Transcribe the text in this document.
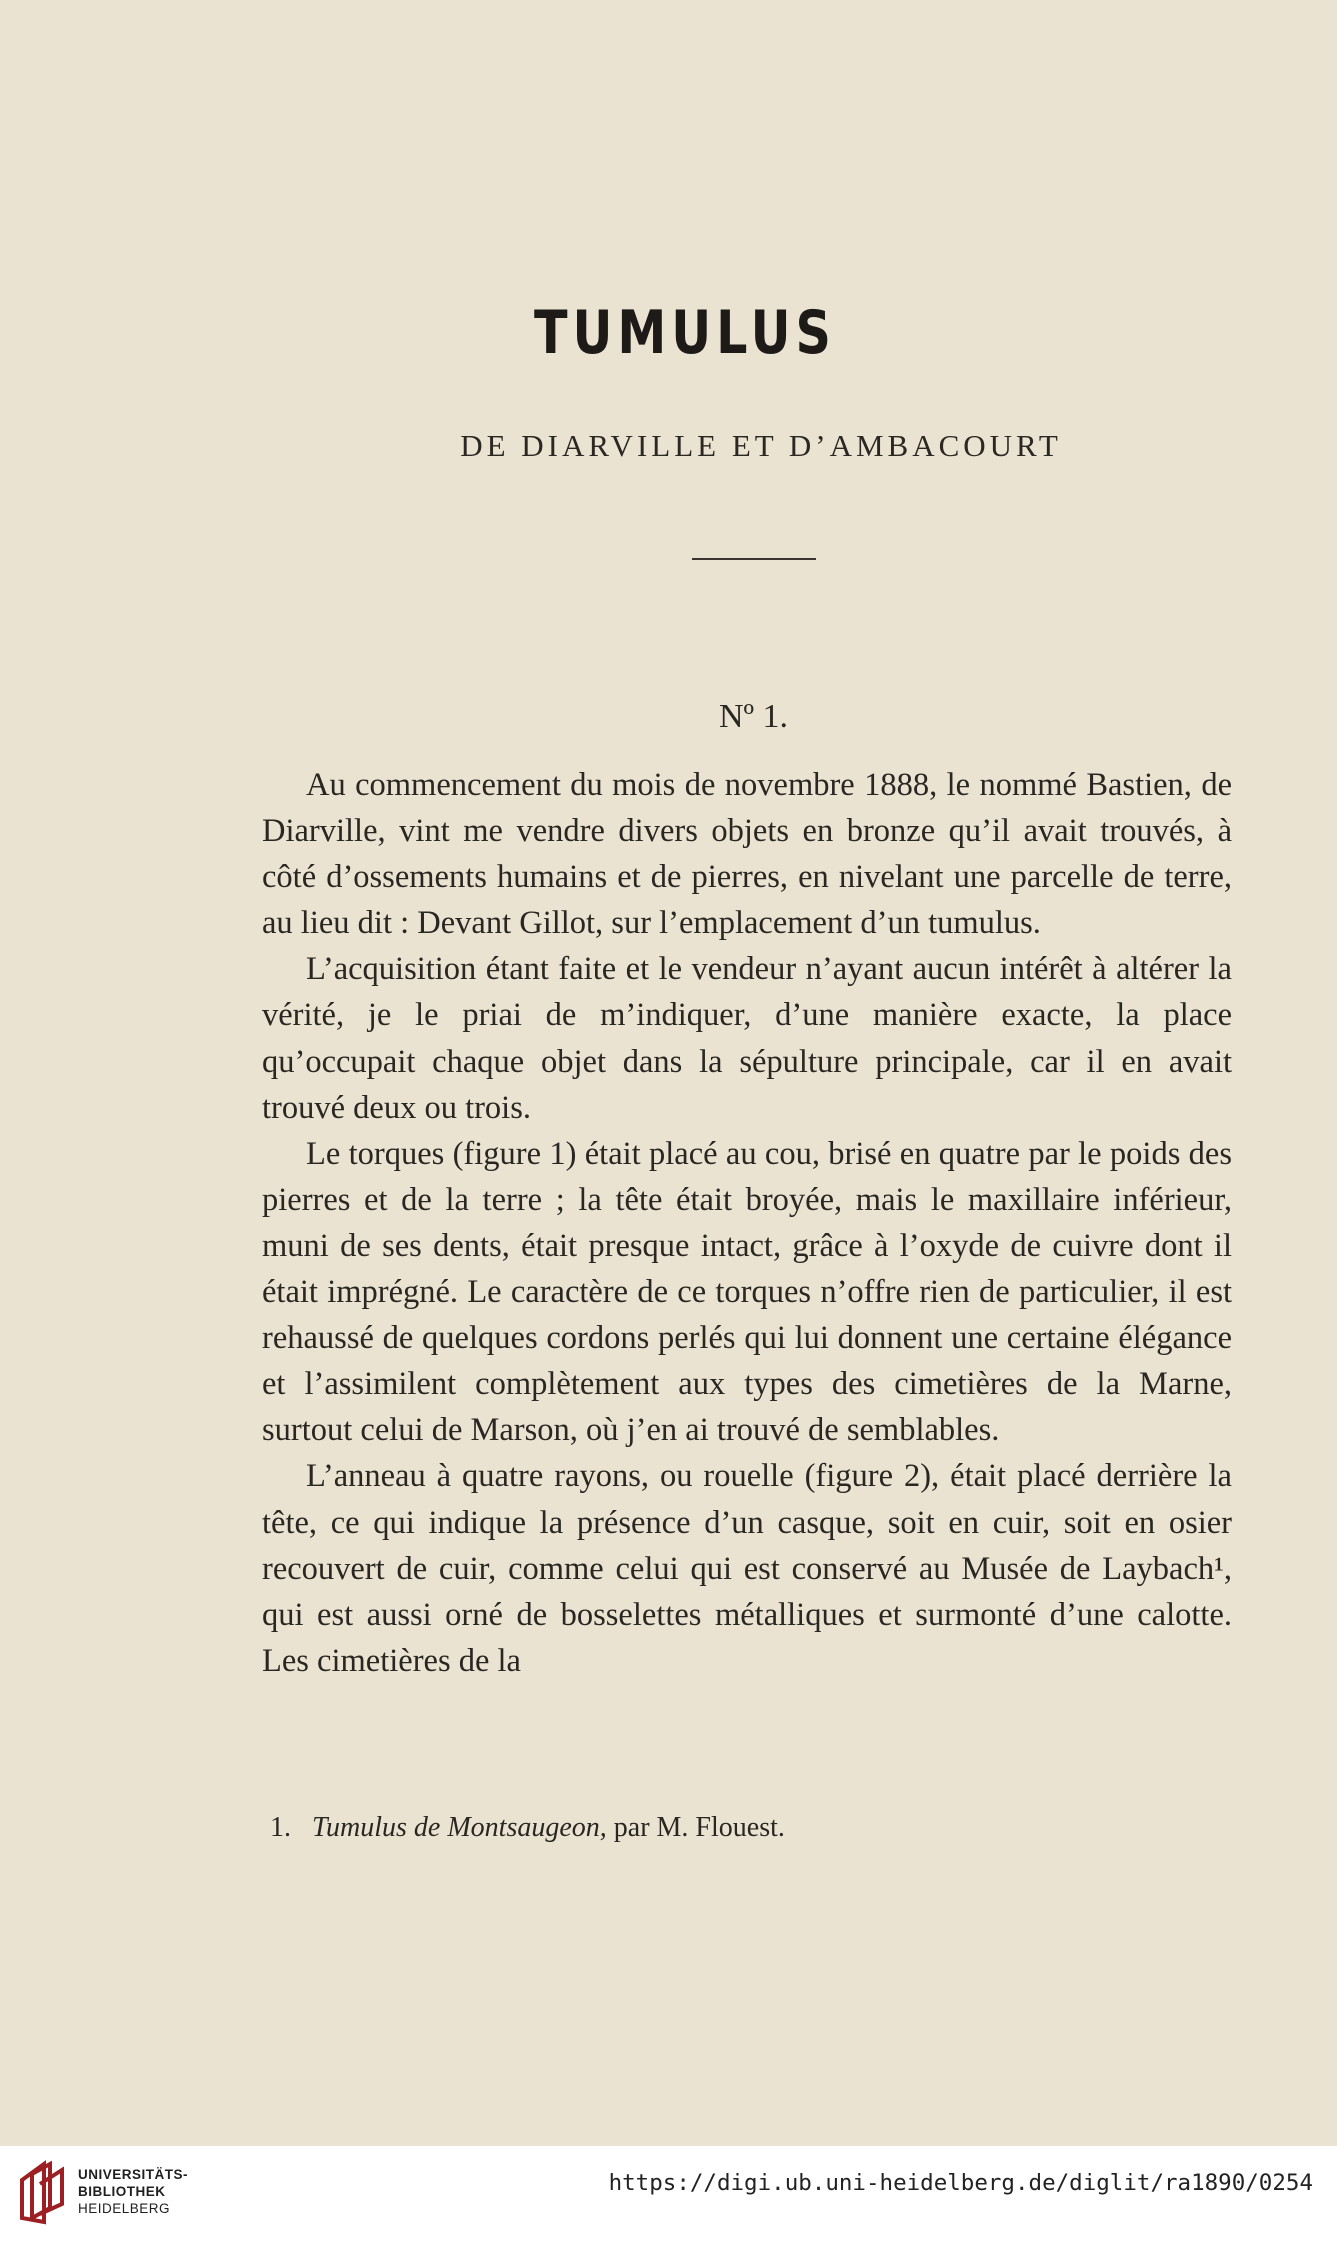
TUMULUS
DE DIARVILLE ET D’AMBACOURT
Nº 1.

Au commencement du mois de novembre 1888, le nommé Bastien, de Diarville, vint me vendre divers objets en bronze qu’il avait trouvés, à côté d’ossements humains et de pierres, en nivelant une parcelle de terre, au lieu dit : Devant Gillot, sur l’emplacement d’un tumulus.

L’acquisition étant faite et le vendeur n’ayant aucun intérêt à altérer la vérité, je le priai de m’indiquer, d’une manière exacte, la place qu’occupait chaque objet dans la sépulture principale, car il en avait trouvé deux ou trois.

Le torques (figure 1) était placé au cou, brisé en quatre par le poids des pierres et de la terre ; la tête était broyée, mais le maxillaire inférieur, muni de ses dents, était presque intact, grâce à l’oxyde de cuivre dont il était imprégné. Le caractère de ce torques n’offre rien de particulier, il est rehaussé de quelques cordons perlés qui lui donnent une certaine élégance et l’assimilent complètement aux types des cimetières de la Marne, surtout celui de Marson, où j’en ai trouvé de semblables.

L’anneau à quatre rayons, ou rouelle (figure 2), était placé derrière la tête, ce qui indique la présence d’un casque, soit en cuir, soit en osier recouvert de cuir, comme celui qui est conservé au Musée de Laybach¹, qui est aussi orné de bosselettes métalliques et surmonté d’une calotte. Les cimetières de la

1. Tumulus de Montsaugeon, par M. Flouest.
UNIVERSITÄTS-
BIBLIOTHEK
HEIDELBERG
https://digi.ub.uni-heidelberg.de/diglit/ra1890/0254
